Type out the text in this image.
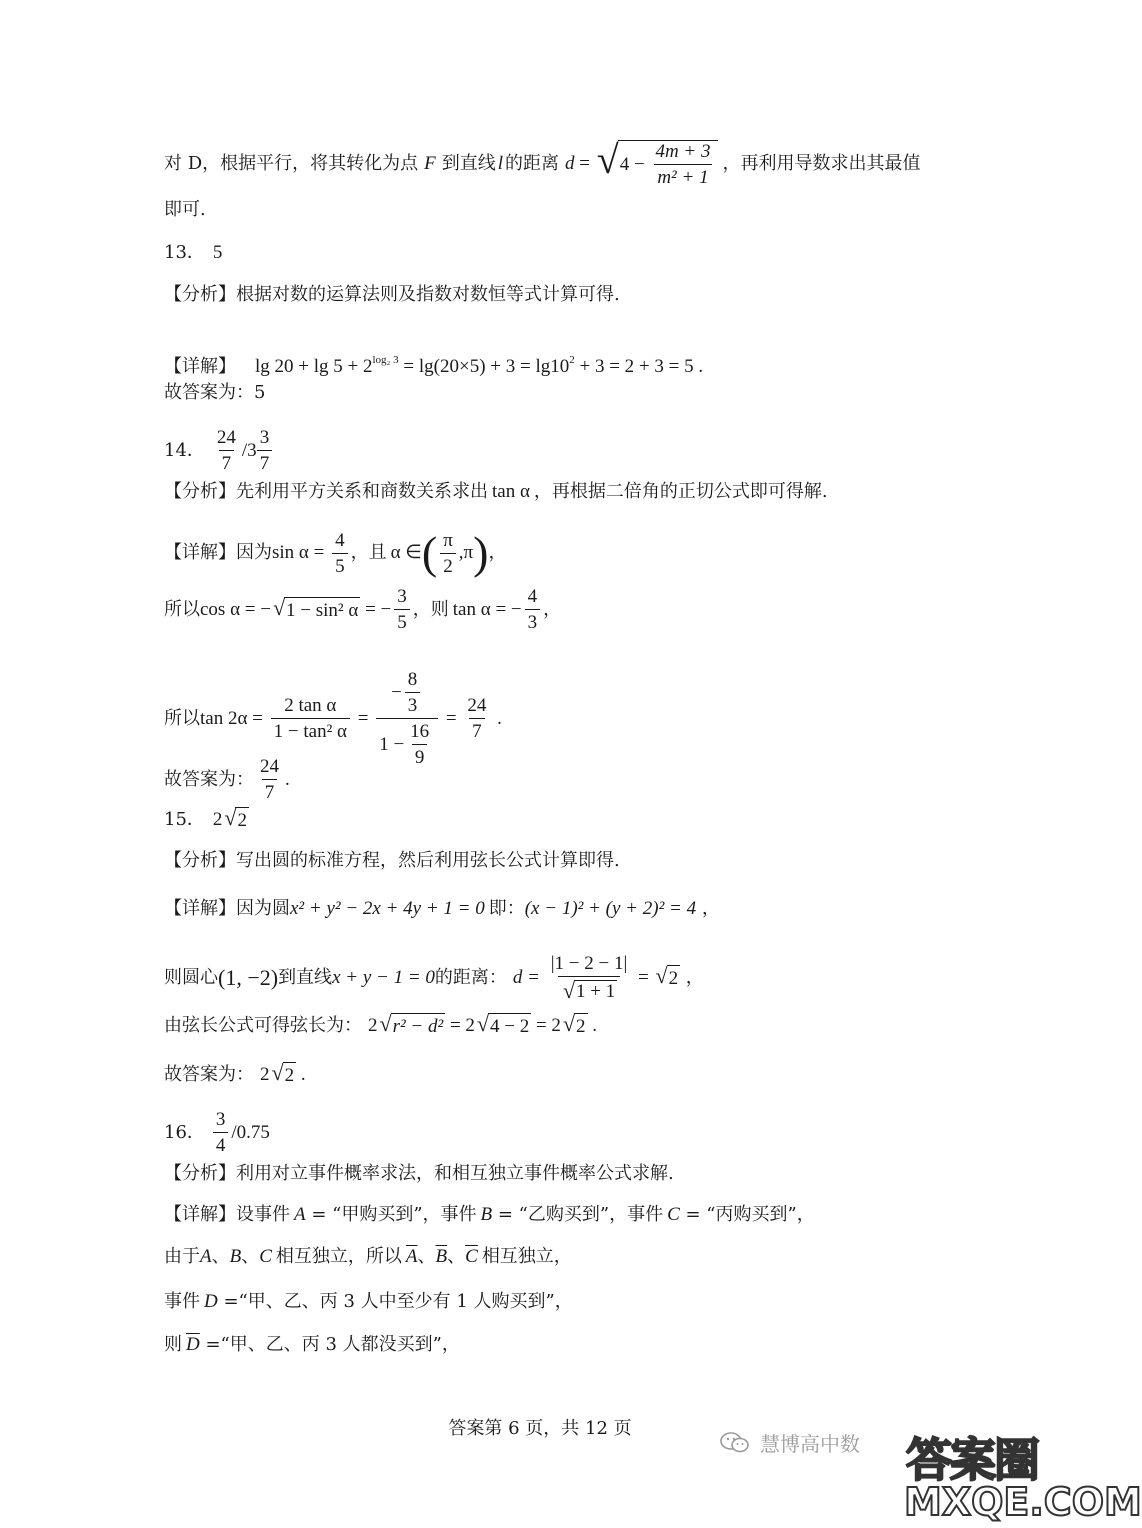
对 D，根据平行，将其转化为点 F 到直线 l 的距离 d = √ $4 - \frac{4m + 3}{\text{m² + 1}}$ ，再利用导数求出其最值
即可.
13． 5
【分析】 根据对数的运算法则及指数对数恒等式计算可得.
【详解】	$\lg 20 + \lg 5 + 2^{log_2 3} = \lg(20\times 5) + 3 = \lg 10^2 + 3 = 2 + 3 = 5$ .

故答案为：5
14． $\frac{24}{7} /3 \frac{3}{7}$
【分析】 先利用平方关系和商数关系求出 tan α ，再根据二倍角的正切公式即可得解.
【详解】 因为 $\sin \alpha = \frac{4}{5}$ ，且 α ∈ ( $\frac{\pi}{2} ,\pi$ ) ，
所以 cos α = − √ 1 − sin² α = − $\frac{3}{5}$ ，则 tan α = − $\frac{4}{3}$ ，
所以 $\tan 2\alpha = \frac{\text{2 tan α}}{\text{1 − tan² α}} = \frac{- \frac{8}{3}}{1 - \frac{16}{9}} = \frac{24}{7}$ .
故答案为： $\frac{24}{7}$ .
15． 2 √ 2
【分析】 写出圆的标准方程，然后利用弦长公式计算即得.
【详解】 因为圆 x² + y² − 2x + 4y + 1 = 0 即： (x − 1)² + (y + 2)² = 4 ，
则圆心 (1, −2) 到直线 x + y − 1 = 0 的距离： $d = \frac{|1 - 2 - 1|}{√ 1 + 1}$ = √ 2 ，
由弦长公式可得弦长为： 2 √ r² − d² = 2 √ 4 − 2 = 2 √ 2 .
故答案为： 2 √ 2 .
16． $\frac{3}{4} /0.75$
【分析】 利用对立事件概率求法，和相互独立事件概率公式求解.
【详解】 设事件 A = “甲购买到”，事件 B = “乙购买到”，事件 C = “丙购买到”，
由于 A 、 B 、 C 相互独立，所以 $\overline{A}$ 、 $\overline{B}$ 、 $\overline{C}$ 相互独立，
事件 D =“甲、乙、丙 3 人中至少有 1 人购买到”，
则 $\overline{D}$ =“甲、乙、丙 3 人都没买到”，
答案第 6 页，共 12 页
慧博高中数 答案圈
MXQE.COM
